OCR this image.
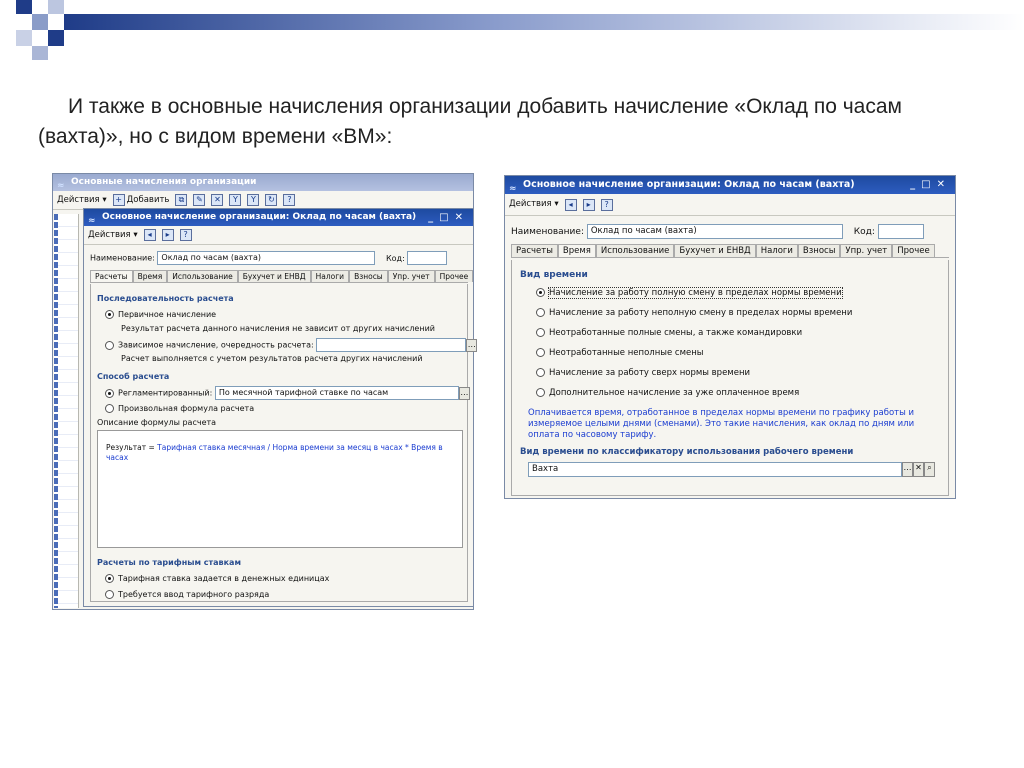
И также в основные начисления организации добавить начисление «Оклад по часам (вахта)», но с видом времени «ВМ»:
≈ Основные начисления организации
Действия ▾	+ Добавить	⧉	✎	✕	Y	Y	↻	?
≈ Основное начисление организации: Оклад по часам (вахта) _□✕
Действия ▾	◂	▸	?
Наименование: Оклад по часам (вахта)	Код:
Расчеты	Время	Использование	Бухучет и ЕНВД	Налоги	Взносы	Упр. учет	Прочее
Последовательность расчета
Первичное начисление
Результат расчета данного начисления не зависит от других начислений
Зависимое начисление, очередность расчета:	…
Расчет выполняется с учетом результатов расчета других начислений
Способ расчета
Регламентированный: По месячной тарифной ставке по часам	…
Произвольная формула расчета
Описание формулы расчета
Результат = Тарифная ставка месячная / Норма времени за месяц в часах * Время в часах
Расчеты по тарифным ставкам
Тарифная ставка задается в денежных единицах
Требуется ввод тарифного разряда
≈ Основное начисление организации: Оклад по часам (вахта)	_□✕
Действия ▾	◂	▸	?
Наименование: Оклад по часам (вахта)	Код:
Расчеты	Время	Использование	Бухучет и ЕНВД	Налоги	Взносы	Упр. учет	Прочее
Вид времени
Начисление за работу полную смену в пределах нормы времени
Начисление за работу неполную смену в пределах нормы времени
Неотработанные полные смены, а также командировки
Неотработанные неполные смены
Начисление за работу сверх нормы времени
Дополнительное начисление за уже оплаченное время
Оплачивается время, отработанное в пределах нормы времени по графику работы и измеряемое целыми днями (сменами). Это такие начисления, как оклад по дням или оплата по часовому тарифу.
Вид времени по классификатору использования рабочего времени
Вахта	… ✕ ⌕
